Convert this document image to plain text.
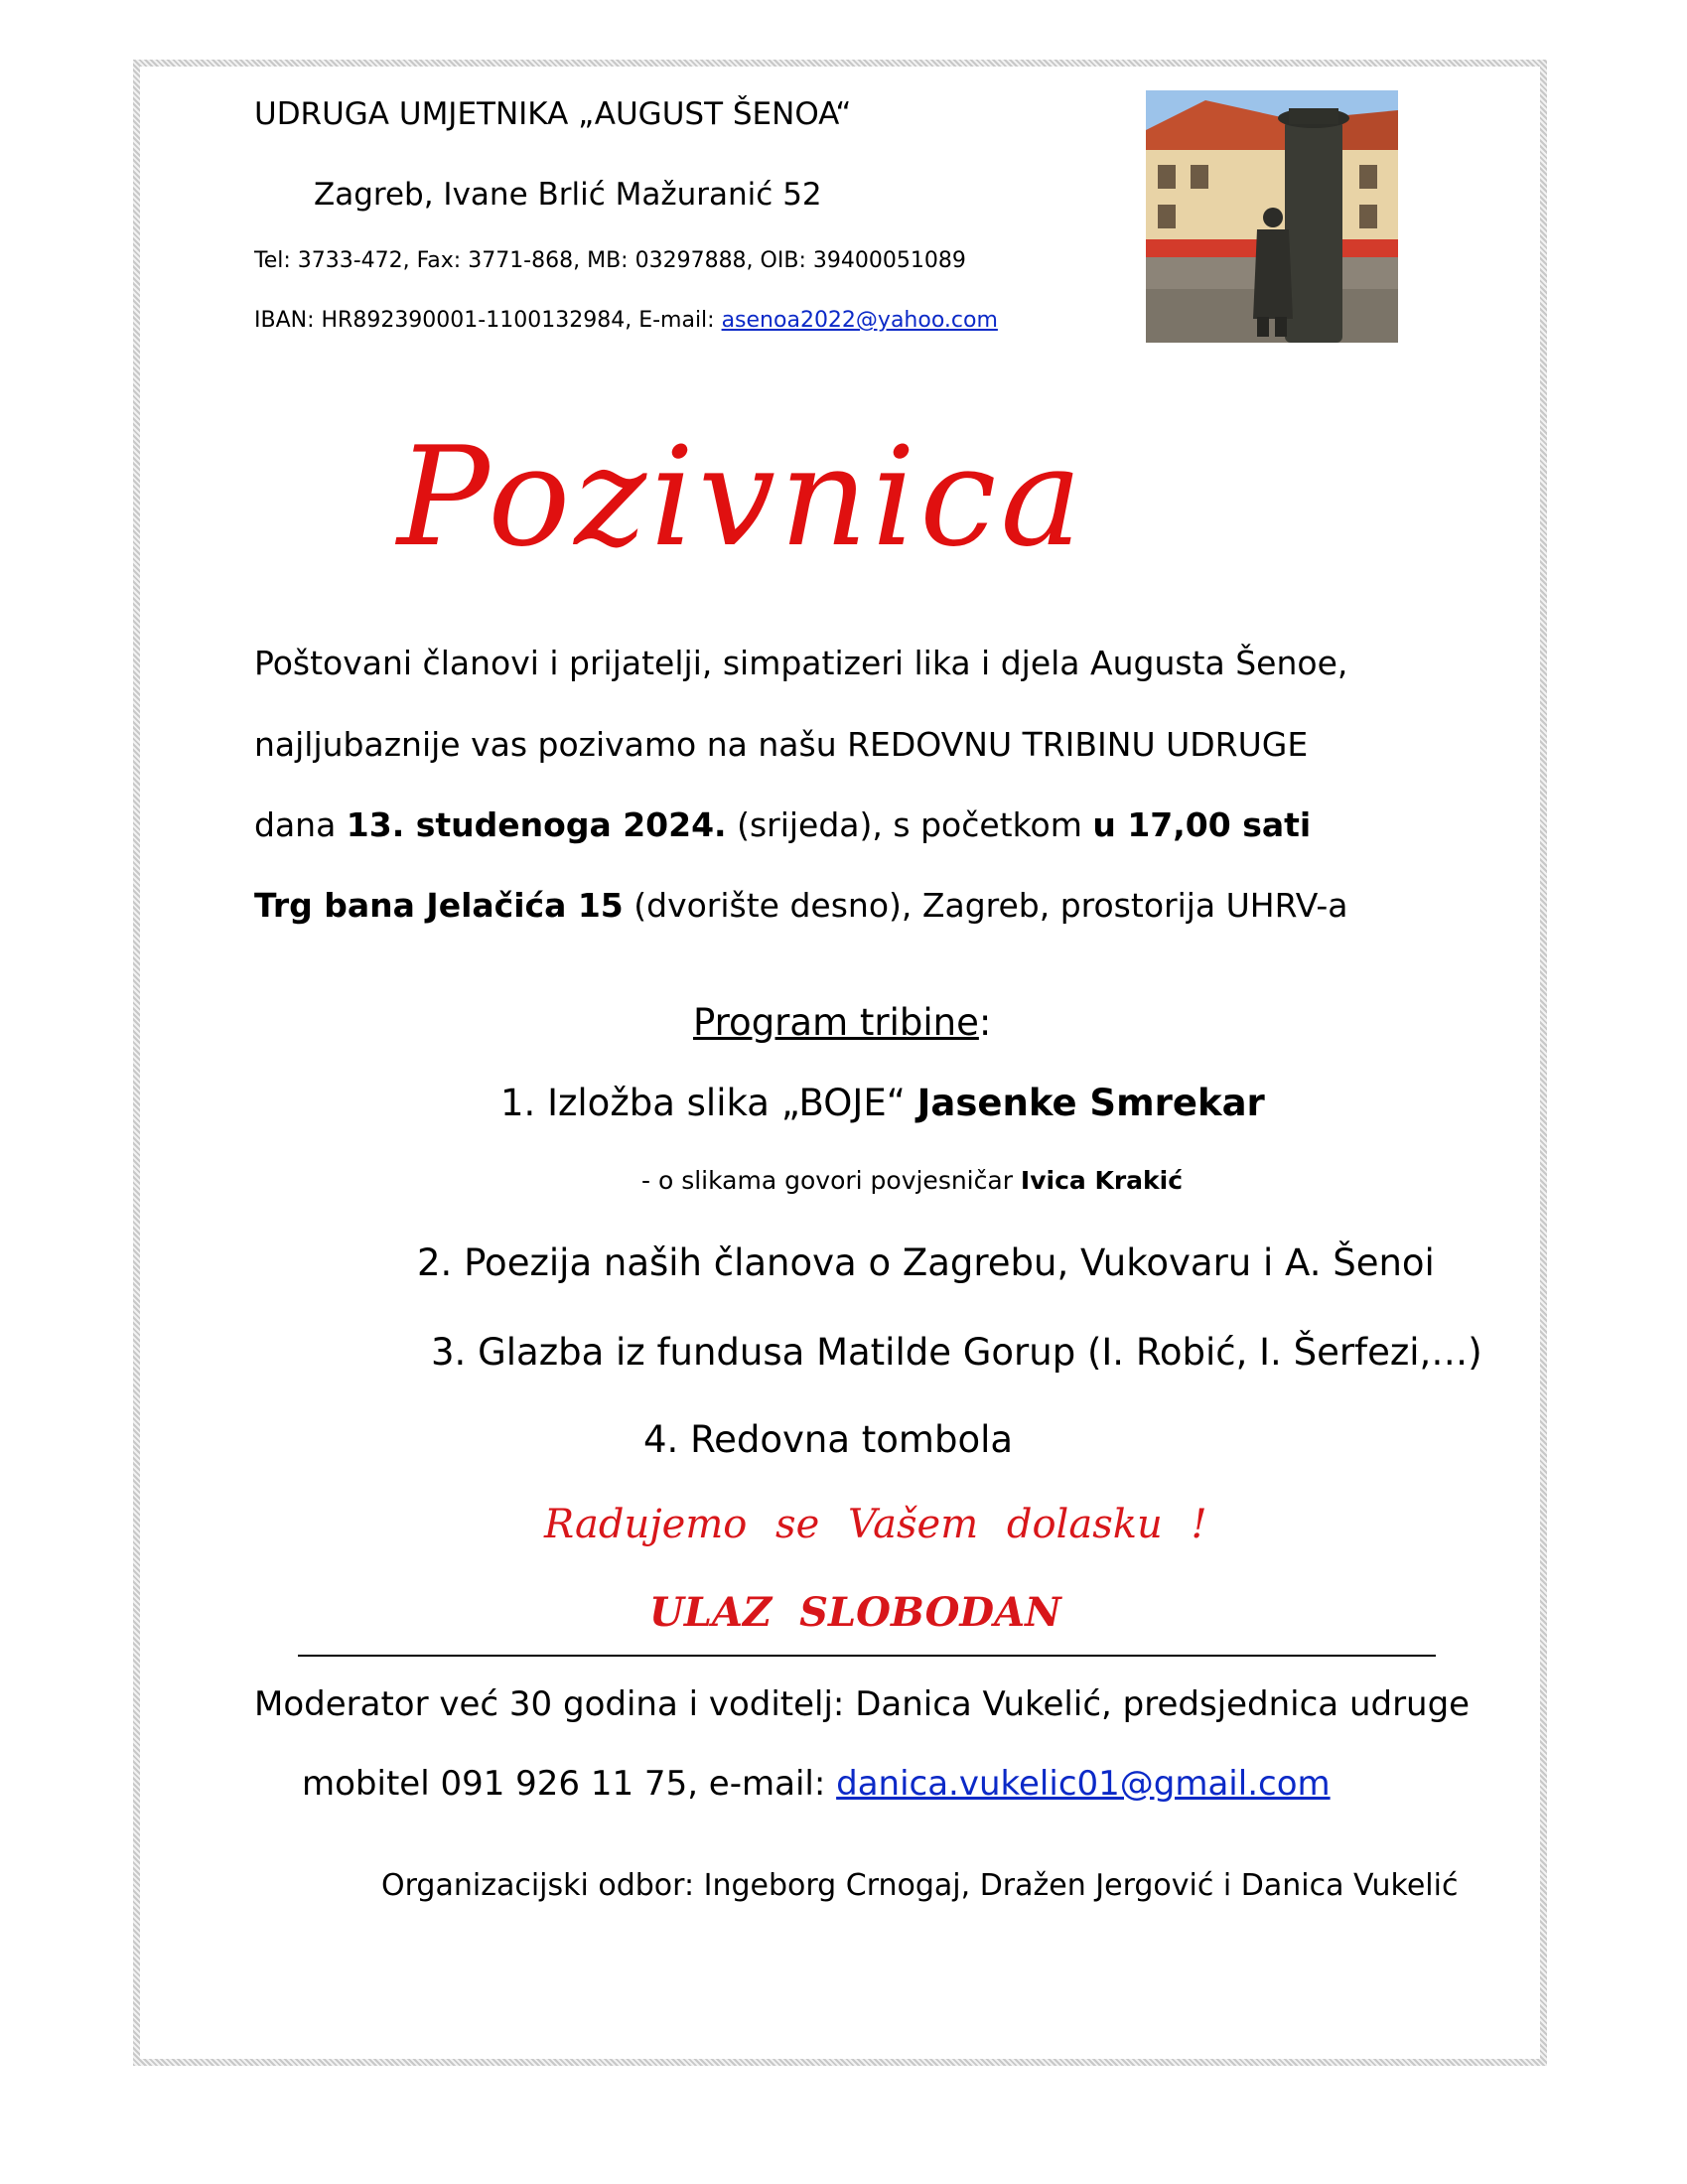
UDRUGA UMJETNIKA „AUGUST ŠENOA“
Zagreb, Ivane Brlić Mažuranić 52
Tel: 3733-472, Fax: 3771-868, MB: 03297888, OIB: 39400051089
IBAN: HR892390001-1100132984, E-mail: asenoa2022@yahoo.com
Pozivnica
Poštovani članovi i prijatelji, simpatizeri lika i djela Augusta Šenoe,
najljubaznije vas pozivamo na našu REDOVNU TRIBINU UDRUGE
dana 13. studenoga 2024. (srijeda), s početkom u 17,00 sati
Trg bana Jelačića 15 (dvorište desno), Zagreb, prostorija UHRV-a
Program tribine:
1. Izložba slika „BOJE“ Jasenke Smrekar
- o slikama govori povjesničar Ivica Krakić
2. Poezija naših članova o Zagrebu, Vukovaru i A. Šenoi
3. Glazba iz fundusa Matilde Gorup (I. Robić, I. Šerfezi,…)
4. Redovna tombola
Radujemo se Vašem dolasku !
ULAZ SLOBODAN
Moderator već 30 godina i voditelj: Danica Vukelić, predsjednica udruge
mobitel 091 926 11 75, e-mail: danica.vukelic01@gmail.com
Organizacijski odbor: Ingeborg Crnogaj, Dražen Jergović i Danica Vukelić
